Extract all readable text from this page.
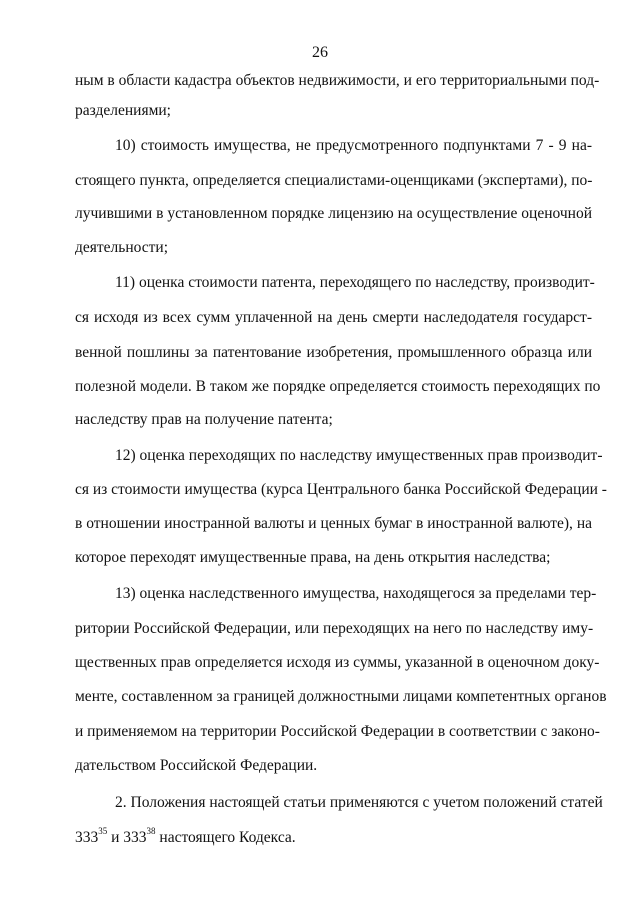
26
ным в области кадастра объектов недвижимости, и его территориальными под-
разделениями;
10) стоимость имущества, не предусмотренного подпунктами 7 - 9 на-
стоящего пункта, определяется специалистами-оценщиками (экспертами), по-
лучившими в установленном порядке лицензию на осуществление оценочной
деятельности;
11) оценка стоимости патента, переходящего по наследству, производит-
ся исходя из всех сумм уплаченной на день смерти наследодателя государст-
венной пошлины за патентование изобретения, промышленного образца или
полезной модели. В таком же порядке определяется стоимость переходящих по
наследству прав на получение патента;
12) оценка переходящих по наследству имущественных прав производит-
ся из стоимости имущества (курса Центрального банка Российской Федерации -
в отношении иностранной валюты и ценных бумаг в иностранной валюте), на
которое переходят имущественные права, на день открытия наследства;
13) оценка наследственного имущества, находящегося за пределами тер-
ритории Российской Федерации, или переходящих на него по наследству иму-
щественных прав определяется исходя из суммы, указанной в оценочном доку-
менте, составленном за границей должностными лицами компетентных органов
и применяемом на территории Российской Федерации в соответствии с законо-
дательством Российской Федерации.
2. Положения настоящей статьи применяются с учетом положений статей
$333^{35}$ и $333^{38}$ настоящего Кодекса.
